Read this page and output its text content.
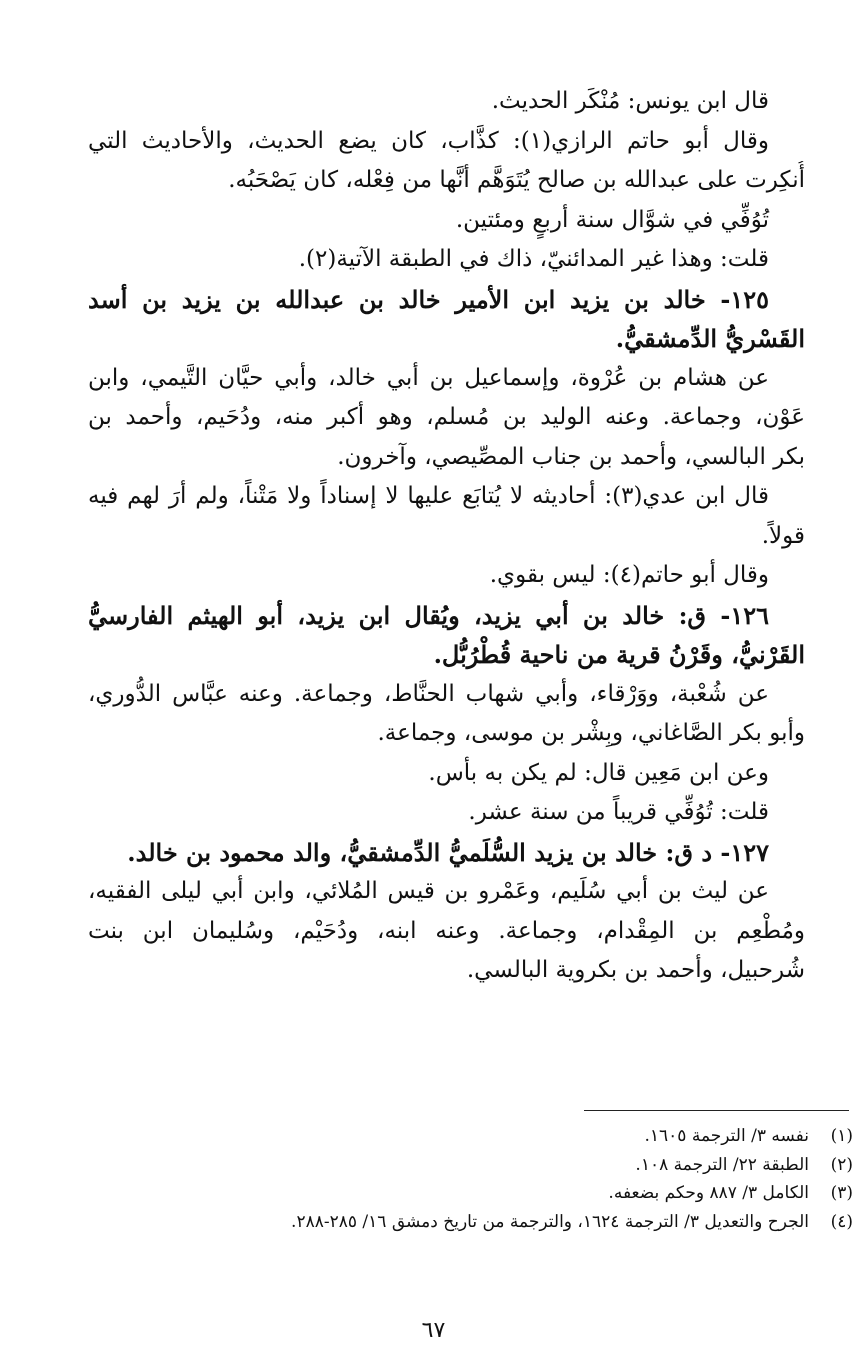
قال ابن يونس: مُنْكَر الحديث.
وقال أبو حاتم الرازي(١): كذَّاب، كان يضع الحديث، والأحاديث التي
أُنكِرت على عبدالله بن صالح يُتَوَهَّم أنَّها من فِعْله، كان يَصْحَبُه.
تُوُفِّي في شوَّال سنة أربعٍ ومئتين.
قلت: وهذا غير المدائنيّ، ذاك في الطبقة الآتية(٢).
١٢٥- خالد بن يزيد ابن الأمير خالد بن عبدالله بن يزيد بن أسد
القَسْريُّ الدِّمشقيُّ.
عن هشام بن عُرْوة، وإسماعيل بن أبي خالد، وأبي حيَّان التَّيمي، وابن
عَوْن، وجماعة. وعنه الوليد بن مُسلم، وهو أكبر منه، ودُحَيم، وأحمد بن
بكر البالسي، وأحمد بن جناب المصِّيصي، وآخرون.
قال ابن عدي(٣): أحاديثه لا يُتابَع عليها لا إسناداً ولا مَتْناً، ولم أرَ لهم فيه
قولاً.
وقال أبو حاتم(٤): ليس بقوي.
١٢٦- ق: خالد بن أبي يزيد، ويُقال ابن يزيد، أبو الهيثم الفارسيُّ
القَرْنيُّ، وقَرْنُ قرية من ناحية قُطْرُبُّل.
عن شُعْبة، ووَرْقاء، وأبي شهاب الحنَّاط، وجماعة. وعنه عبَّاس الدُّوري،
وأبو بكر الصَّاغاني، وبِشْر بن موسى، وجماعة.
وعن ابن مَعِين قال: لم يكن به بأس.
قلت: تُوُفِّي قريباً من سنة عشر.
١٢٧- د ق: خالد بن يزيد السُّلَميُّ الدِّمشقيُّ، والد محمود بن خالد.
عن ليث بن أبي سُلَيم، وعَمْرو بن قيس المُلائي، وابن أبي ليلى الفقيه،
ومُطْعِم بن المِقْدام، وجماعة. وعنه ابنه، ودُحَيْم، وسُليمان ابن بنت
شُرحبيل، وأحمد بن بكروية البالسي.
(١)
نفسه ٣/ الترجمة ١٦٠٥.
(٢)
الطبقة ٢٢/ الترجمة ١٠٨.
(٣)
الكامل ٣/ ٨٨٧ وحكم بضعفه.
(٤)
الجرح والتعديل ٣/ الترجمة ١٦٢٤، والترجمة من تاريخ دمشق ١٦/ ٢٨٥-٢٨٨.
٦٧
